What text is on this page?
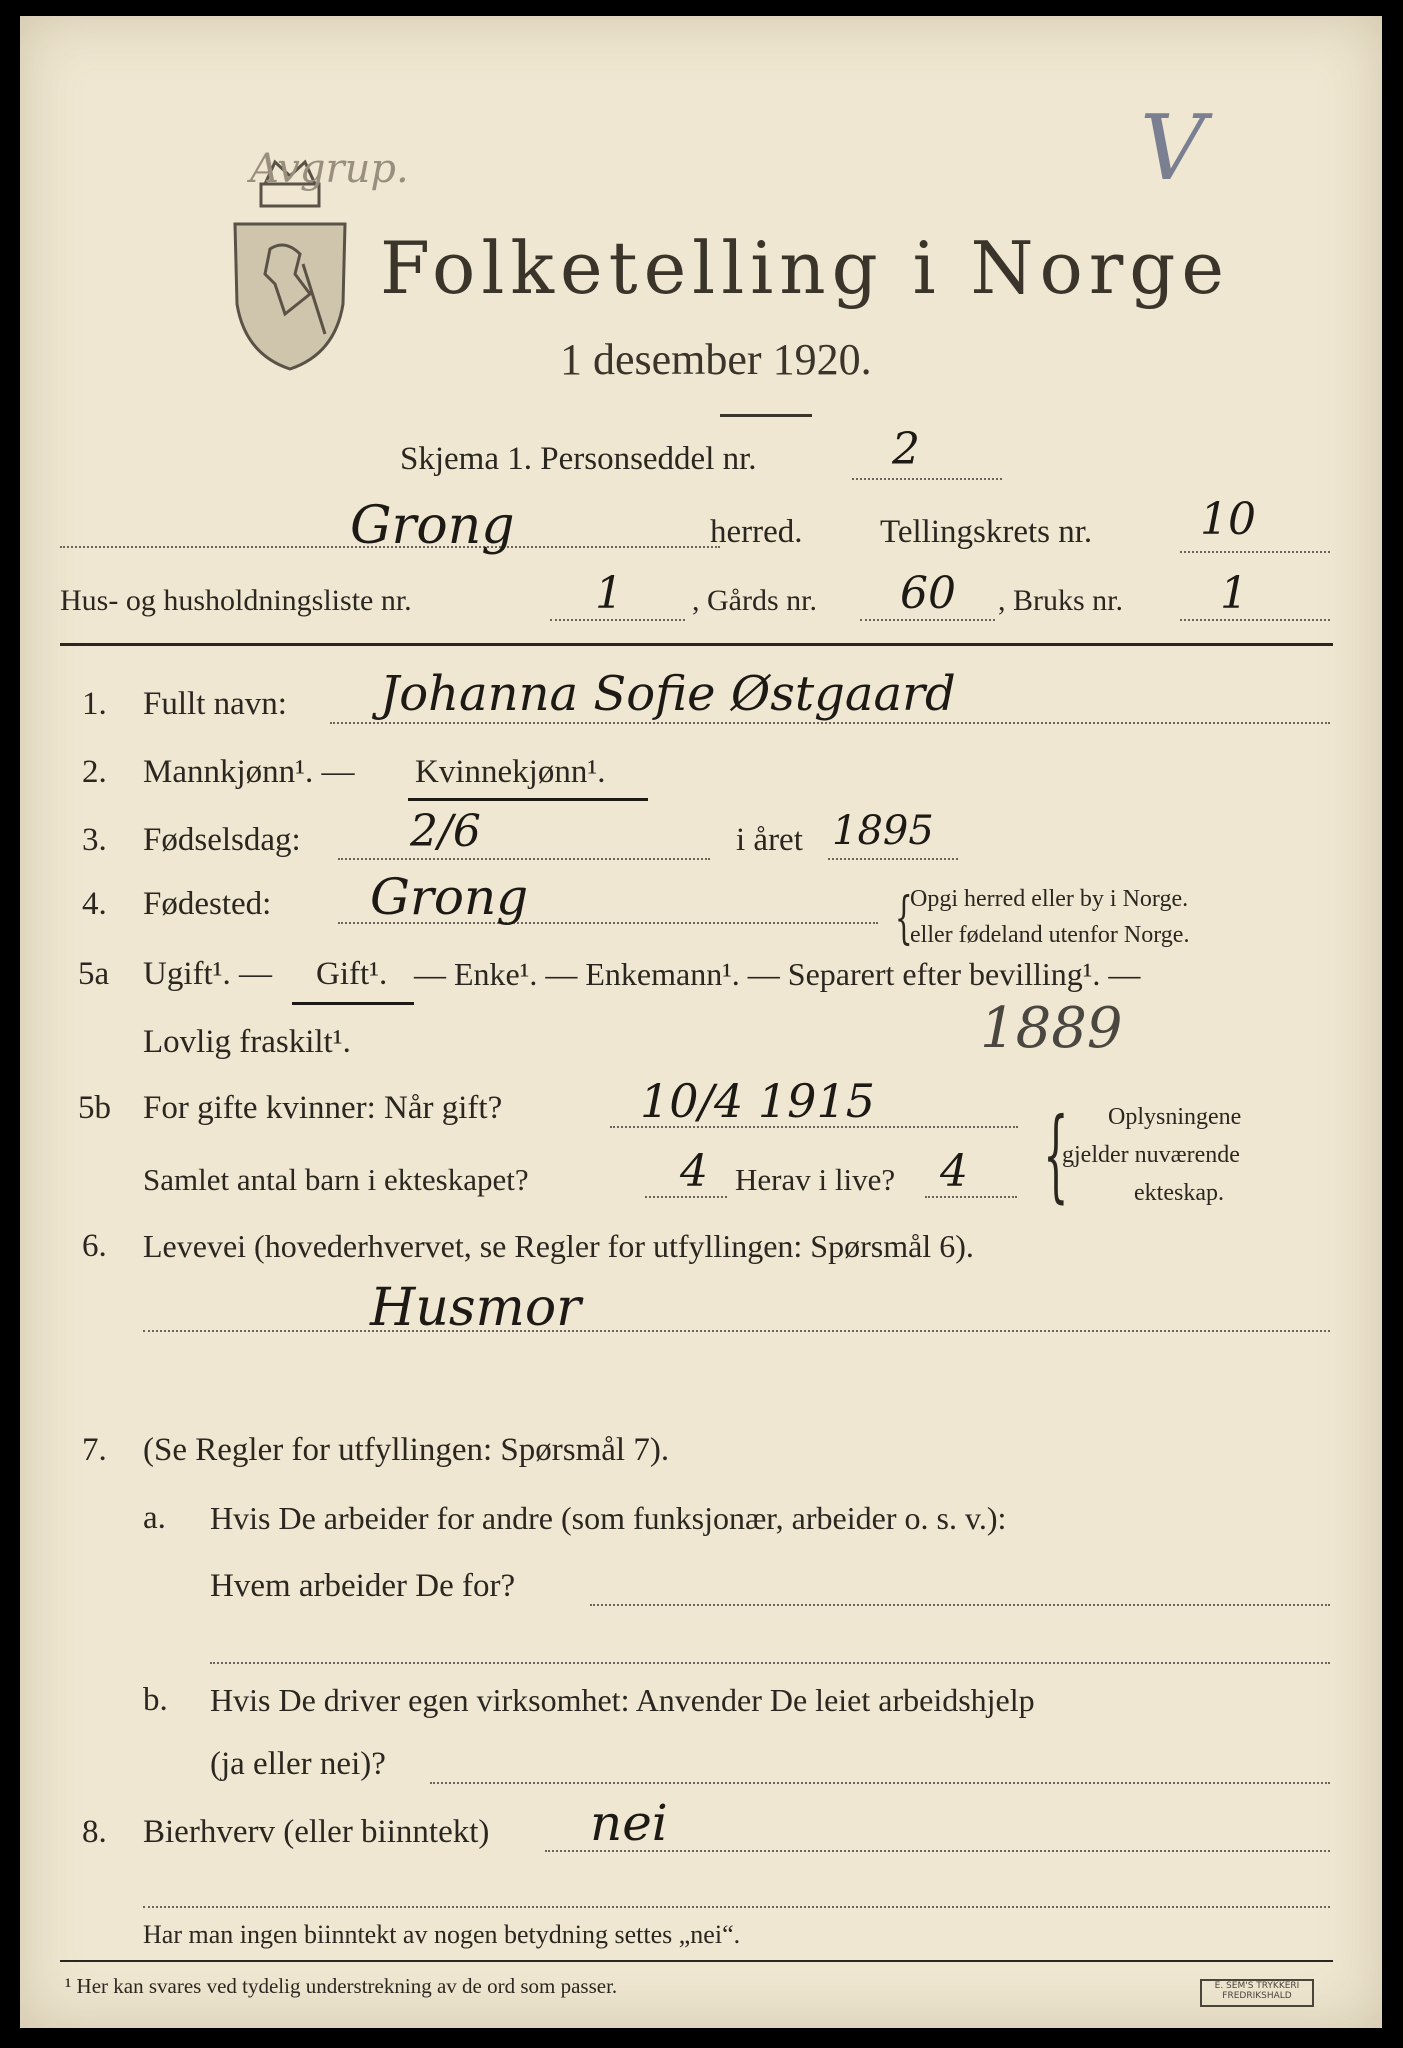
Avgrup.	V
Folketelling i Norge
1 desember 1920.
Skjema 1. Personseddel nr.	2
Grong	herred. Tellingskrets nr. 10
Hus- og husholdningsliste nr.	1 , Gårds nr. 60 , Bruks nr. 1
1. Fullt navn: Johanna Sofie Østgaard
2. Mannkjønn¹. — Kvinnekjønn¹.
3. Fødselsdag: 2/6	i året 1895
4. Fødested: Grong	{
Opgi herred eller by i Norge.
eller fødeland utenfor Norge.
5a Ugift¹. — Gift¹. — Enke¹. — Enkemann¹. — Separert efter bevilling¹. —
Lovlig fraskilt¹.	1889
5b For gifte kvinner: Når gift?	10/4 1915
Samlet antal barn i ekteskapet?	4 Herav i live? 4 { Oplysningene
gjelder nuværende
ekteskap.
6. Levevei (hovederhvervet, se Regler for utfyllingen: Spørsmål 6).
Husmor
7. (Se Regler for utfyllingen: Spørsmål 7).
a. Hvis De arbeider for andre (som funksjonær, arbeider o. s. v.):
Hvem arbeider De for?
b. Hvis De driver egen virksomhet: Anvender De leiet arbeidshjelp
(ja eller nei)?
8. Bierhverv (eller biinntekt) nei
Har man ingen biinntekt av nogen betydning settes „nei“.
¹ Her kan svares ved tydelig understrekning av de ord som passer.	E. SEM'S TRYKKERI FREDRIKSHALD
